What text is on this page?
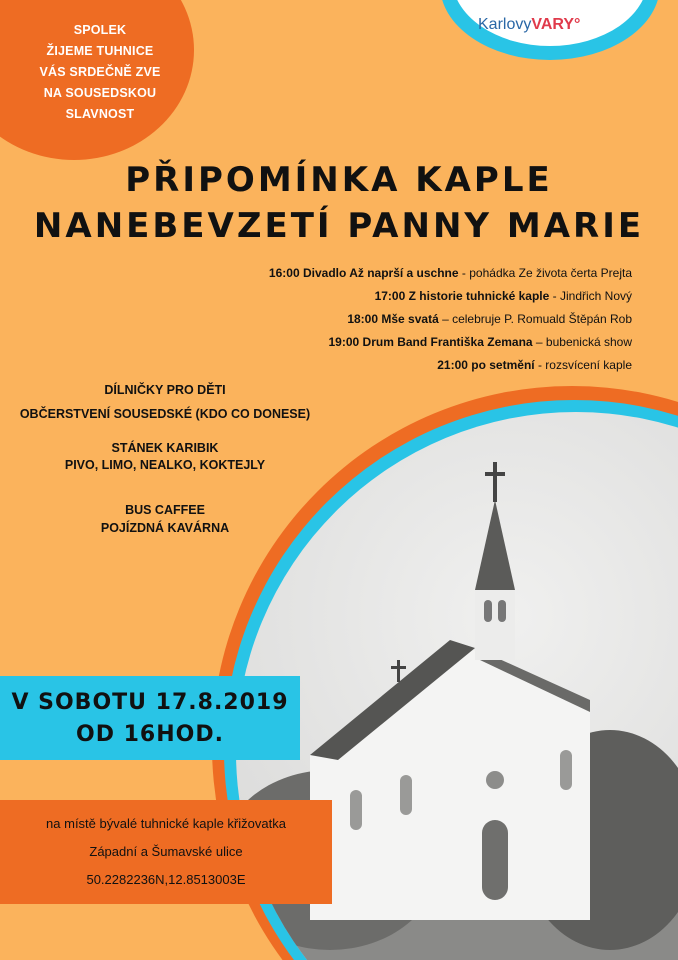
SPOLEK
ŽIJEME TUHNICE
VÁS SRDEČNĚ ZVE
NA SOUSEDSKOU
SLAVNOST
KarlovyVARY°
PŘIPOMÍNKA KAPLE
NANEBEVZETÍ PANNY MARIE
16:00 Divadlo Až naprší a uschne - pohádka Ze života čerta Prejta
17:00 Z historie tuhnické kaple - Jindřich Nový
18:00 Mše svatá – celebruje P. Romuald Štěpán Rob
19:00 Drum Band Františka Zemana – bubenická show
21:00 po setmění - rozsvícení kaple
DÍLNIČKY PRO DĚTI
OBČERSTVENÍ SOUSEDSKÉ (KDO CO DONESE)
STÁNEK KARIBIK
PIVO, LIMO, NEALKO, KOKTEJLY
BUS CAFFEE
POJÍZDNÁ KAVÁRNA
V SOBOTU 17.8.2019
OD 16HOD.
na místě bývalé tuhnické kaple křižovatka
Západní a Šumavské ulice
50.2282236N,12.8513003E
